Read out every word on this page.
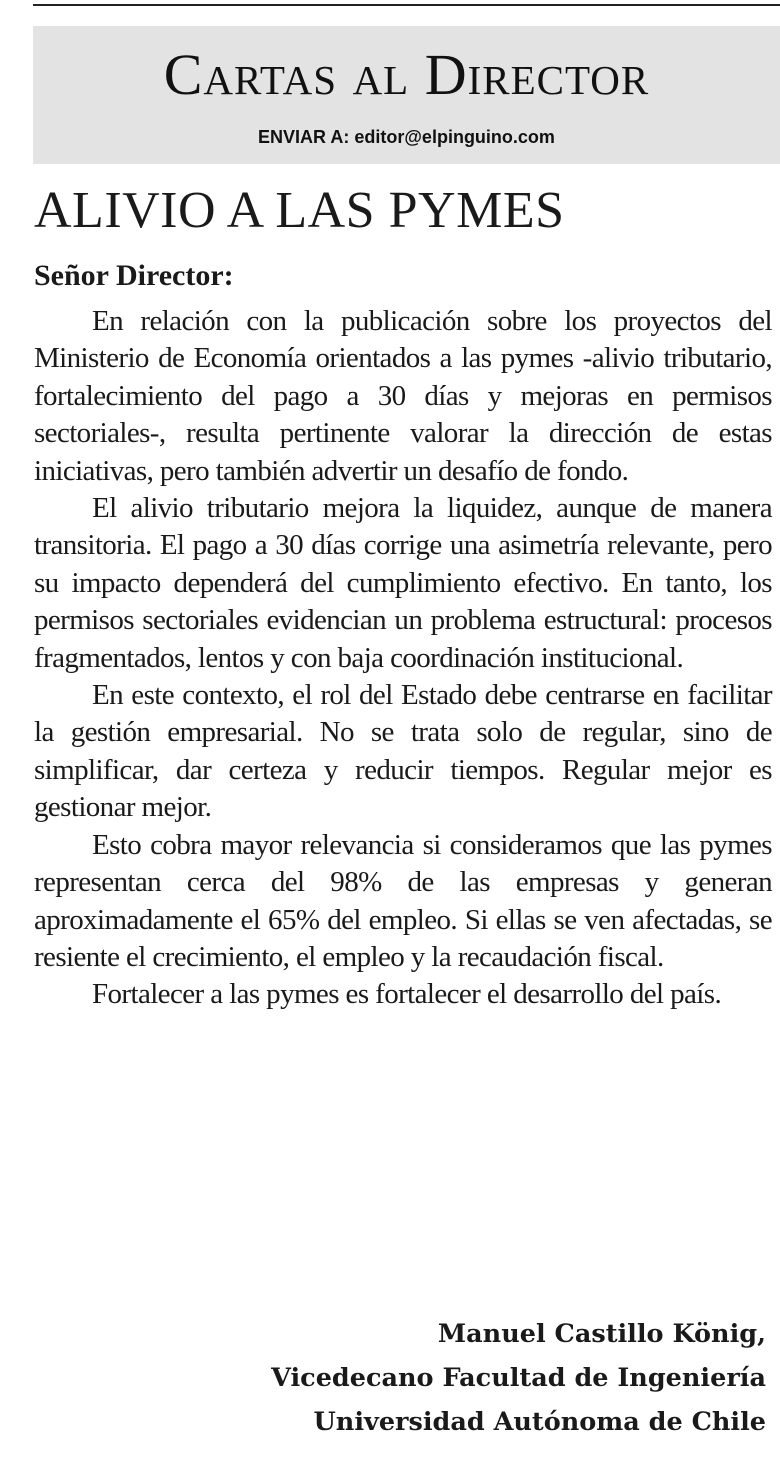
Cartas al Director
ENVIAR A: editor@elpinguino.com
ALIVIO A LAS PYMES
Señor Director:

En relación con la publicación sobre los proyectos del Ministerio de Economía orientados a las pymes -alivio tributario, fortalecimiento del pago a 30 días y mejoras en permisos sectoriales-, resulta pertinente valorar la dirección de estas iniciativas, pero también advertir un desafío de fondo.

El alivio tributario mejora la liquidez, aunque de manera transitoria. El pago a 30 días corrige una asimetría relevante, pero su impacto dependerá del cumplimiento efectivo. En tanto, los permisos sectoriales evidencian un problema estructural: procesos fragmentados, lentos y con baja coordinación institucional.

En este contexto, el rol del Estado debe centrarse en facilitar la gestión empresarial. No se trata solo de regular, sino de simplificar, dar certeza y reducir tiempos. Regular mejor es gestionar mejor.

Esto cobra mayor relevancia si consideramos que las pymes representan cerca del 98% de las empresas y generan aproximadamente el 65% del empleo. Si ellas se ven afectadas, se resiente el crecimiento, el empleo y la recaudación fiscal.

Fortalecer a las pymes es fortalecer el desarrollo del país.

Manuel Castillo König,
Vicedecano Facultad de Ingeniería
Universidad Autónoma de Chile
